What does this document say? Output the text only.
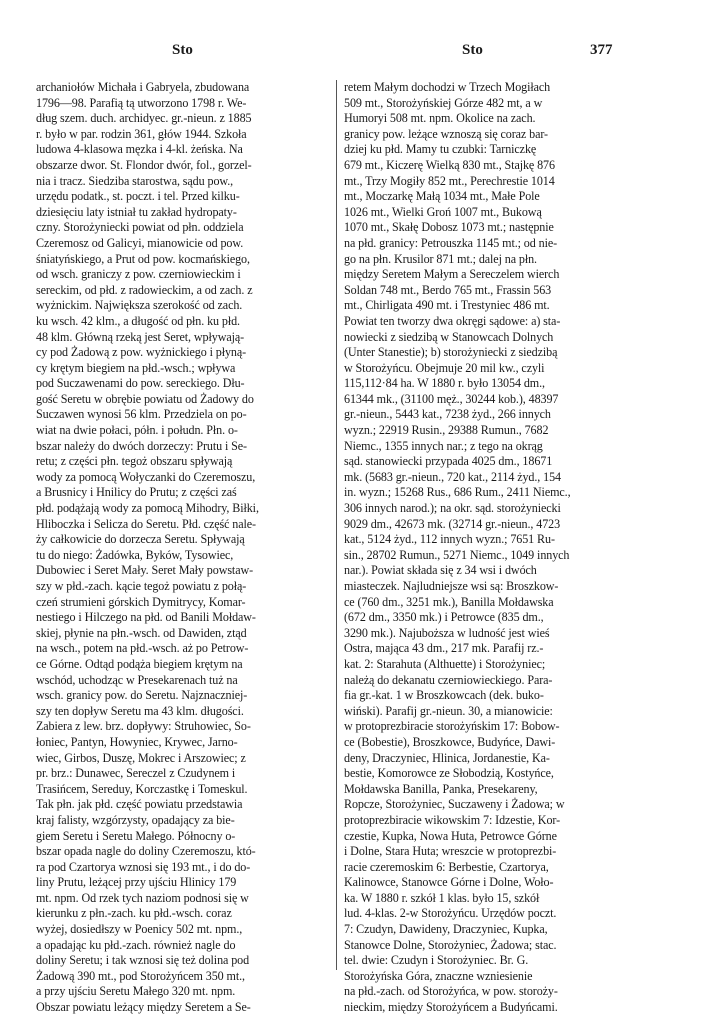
Sto	Sto	377
archaniołów Michała i Gabryela, zbudowana
1796—98. Parafią tą utworzono 1798 r. We-
dług szem. duch. archidyec. gr.-nieun. z 1885
r. było w par. rodzin 361, głów 1944. Szkoła
ludowa 4-klasowa męzka i 4-kl. żeńska. Na
obszarze dwor. St. Flondor dwór, fol., gorzel-
nia i tracz. Siedziba starostwa, sądu pow.,
urzędu podatk., st. poczt. i tel. Przed kilku-
dziesięciu laty istniał tu zakład hydropaty-
czny. Storożyniecki powiat od płn. oddziela
Czeremosz od Galicyi, mianowicie od pow.
śniatyńskiego, a Prut od pow. kocmańskiego,
od wsch. graniczy z pow. czerniowieckim i
sereckim, od płd. z radowieckim, a od zach. z
wyżnickim. Największa szerokość od zach.
ku wsch. 42 klm., a długość od płn. ku płd.
48 klm. Główną rzeką jest Seret, wpływają-
cy pod Żadową z pow. wyżnickiego i płyną-
cy krętym biegiem na płd.-wsch.; wpływa
pod Suczawenami do pow. sereckiego. Dłu-
gość Seretu w obrębie powiatu od Żadowy do
Suczawen wynosi 56 klm. Przedziela on po-
wiat na dwie połaci, półn. i połudn. Płn. o-
bszar należy do dwóch dorzeczy: Prutu i Se-
retu; z części płn. tegoż obszaru spływają
wody za pomocą Wołyczanki do Czeremoszu,
a Brusnicy i Hnilicy do Prutu; z części zaś
płd. podążają wody za pomocą Mihodry, Biłki,
Hliboczka i Selicza do Seretu. Płd. część nale-
ży całkowicie do dorzecza Seretu. Spływają
tu do niego: Żadówka, Byków, Tysowiec,
Dubowiec i Seret Mały. Seret Mały powstaw-
szy w płd.-zach. kącie tegoż powiatu z połą-
czeń strumieni górskich Dymitrycy, Komar-
nestiego i Hilczego na płd. od Banili Mołdaw-
skiej, płynie na płn.-wsch. od Dawiden, ztąd
na wsch., potem na płd.-wsch. aż po Petrow-
ce Górne. Odtąd podąża biegiem krętym na
wschód, uchodząc w Presekarenach tuż na
wsch. granicy pow. do Seretu. Najznaczniej-
szy ten dopływ Seretu ma 43 klm. długości.
Zabiera z lew. brz. dopływy: Struhowiec, So-
łoniec, Pantyn, Howyniec, Krywec, Jarno-
wiec, Girbos, Duszę, Mokrec i Arszowiec; z
pr. brz.: Dunawec, Sereczel z Czudynem i
Trasińcem, Sereduy, Korczastkę i Tomeskul.
Tak płn. jak płd. część powiatu przedstawia
kraj falisty, wzgórzysty, opadający za bie-
giem Seretu i Seretu Małego. Północny o-
bszar opada nagle do doliny Czeremoszu, któ-
ra pod Czartorya wznosi się 193 mt., i do do-
liny Prutu, leżącej przy ujściu Hlinicy 179
mt. npm. Od rzek tych naziom podnosi się w
kierunku z płn.-zach. ku płd.-wsch. coraz
wyżej, dosiedłszy w Poenicy 502 mt. npm.,
a opadając ku płd.-zach. również nagle do
doliny Seretu; i tak wznosi się też dolina pod
Żadową 390 mt., pod Storożyńcem 350 mt.,
a przy ujściu Seretu Małego 320 mt. npm.
Obszar powiatu leżący między Seretem a Se-
retem Małym dochodzi w Trzech Mogiłach
509 mt., Storożyńskiej Górze 482 mt, a w
Humoryi 508 mt. npm. Okolice na zach.
granicy pow. leżące wznoszą się coraz bar-
dziej ku płd. Mamy tu czubki: Tarniczkę
679 mt., Kiczerę Wielką 830 mt., Stajkę 876
mt., Trzy Mogiły 852 mt., Perechrestie 1014
mt., Moczarkę Małą 1034 mt., Małe Pole
1026 mt., Wielki Groń 1007 mt., Bukową
1070 mt., Skałę Dobosz 1073 mt.; następnie
na płd. granicy: Petrouszka 1145 mt.; od nie-
go na płn. Krusilor 871 mt.; dalej na płn.
między Seretem Małym a Sereczelem wierch
Soldan 748 mt., Berdo 765 mt., Frassin 563
mt., Chirligata 490 mt. i Trestyniec 486 mt.
Powiat ten tworzy dwa okręgi sądowe: a) sta-
nowiecki z siedzibą w Stanowcach Dolnych
(Unter Stanestie); b) storożyniecki z siedzibą
w Storożyńcu. Obejmuje 20 mil kw., czyli
115,112·84 ha. W 1880 r. było 13054 dm.,
61344 mk., (31100 męż., 30244 kob.), 48397
gr.-nieun., 5443 kat., 7238 żyd., 266 innych
wyzn.; 22919 Rusin., 29388 Rumun., 7682
Niemc., 1355 innych nar.; z tego na okrąg
sąd. stanowiecki przypada 4025 dm., 18671
mk. (5683 gr.-nieun., 720 kat., 2114 żyd., 154
in. wyzn.; 15268 Rus., 686 Rum., 2411 Niemc.,
306 innych narod.); na okr. sąd. storożyniecki
9029 dm., 42673 mk. (32714 gr.-nieun., 4723
kat., 5124 żyd., 112 innych wyzn.; 7651 Ru-
sin., 28702 Rumun., 5271 Niemc., 1049 innych
nar.). Powiat składa się z 34 wsi i dwóch
miasteczek. Najludniejsze wsi są: Broszkow-
ce (760 dm., 3251 mk.), Banilla Mołdawska
(672 dm., 3350 mk.) i Petrowce (835 dm.,
3290 mk.). Najuboższa w ludność jest wieś
Ostra, mająca 43 dm., 217 mk. Parafij rz.-
kat. 2: Starahuta (Althuette) i Storożyniec;
należą do dekanatu czerniowieckiego. Para-
fia gr.-kat. 1 w Broszkowcach (dek. buko-
wiński). Parafij gr.-nieun. 30, a mianowicie:
w protoprezbiracie storożyńskim 17: Bobow-
ce (Bobestie), Broszkowce, Budyńce, Dawi-
deny, Draczyniec, Hlinica, Jordanestie, Ka-
bestie, Komorowce ze Słobodzią, Kostyńce,
Mołdawska Banilla, Panka, Presekareny,
Ropcze, Storożyniec, Suczaweny i Żadowa; w
protoprezbiracie wikowskim 7: Idzestie, Kor-
czestie, Kupka, Nowa Huta, Petrowce Górne
i Dolne, Stara Huta; wreszcie w protoprezbi-
racie czeremoskim 6: Berbestie, Czartorya,
Kalinowce, Stanowce Górne i Dolne, Woło-
ka. W 1880 r. szkół 1 klas. było 15, szkół
lud. 4-klas. 2-w Storożyńcu. Urzędów poczt.
7: Czudyn, Dawideny, Draczyniec, Kupka,
Stanowce Dolne, Storożyniec, Żadowa; stac.
tel. dwie: Czudyn i Storożyniec. Br. G.
Storożyńska Góra, znaczne wzniesienie
na płd.-zach. od Storożyńca, w pow. storoży-
nieckim, między Storożyńcem a Budyńcami.
